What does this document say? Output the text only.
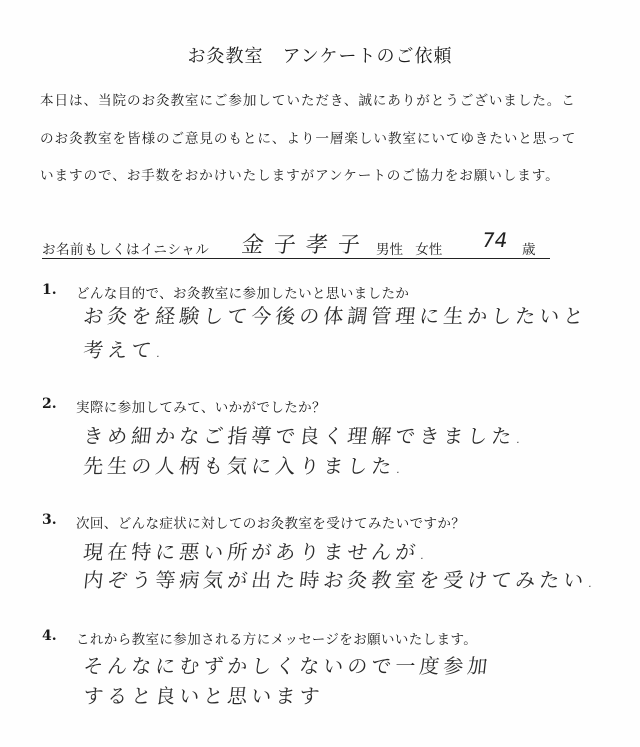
お灸教室　アンケートのご依頼
本日は、当院のお灸教室にご参加していただき、誠にありがとうございました。こ
のお灸教室を皆様のご意見のもとに、より一層楽しい教室にいてゆきたいと思って
いますので、お手数をおかけいたしますがアンケートのご協力をお願いします。
お名前もしくはイニシャル 金子孝子 男性 女性	74 歳
1. どんな目的で、お灸教室に参加したいと思いましたか
お灸を経験して今後の体調管理に生かしたいと
考えて.
2. 実際に参加してみて、いかがでしたか？
きめ細かなご指導で良く理解できました.
先生の人柄も気に入りました.
3. 次回、どんな症状に対してのお灸教室を受けてみたいですか？
現在特に悪い所がありませんが.
内ぞう等病気が出た時お灸教室を受けてみたい.
4. これから教室に参加される方にメッセージをお願いいたします。
そんなにむずかしくないので一度参加
すると良いと思います
